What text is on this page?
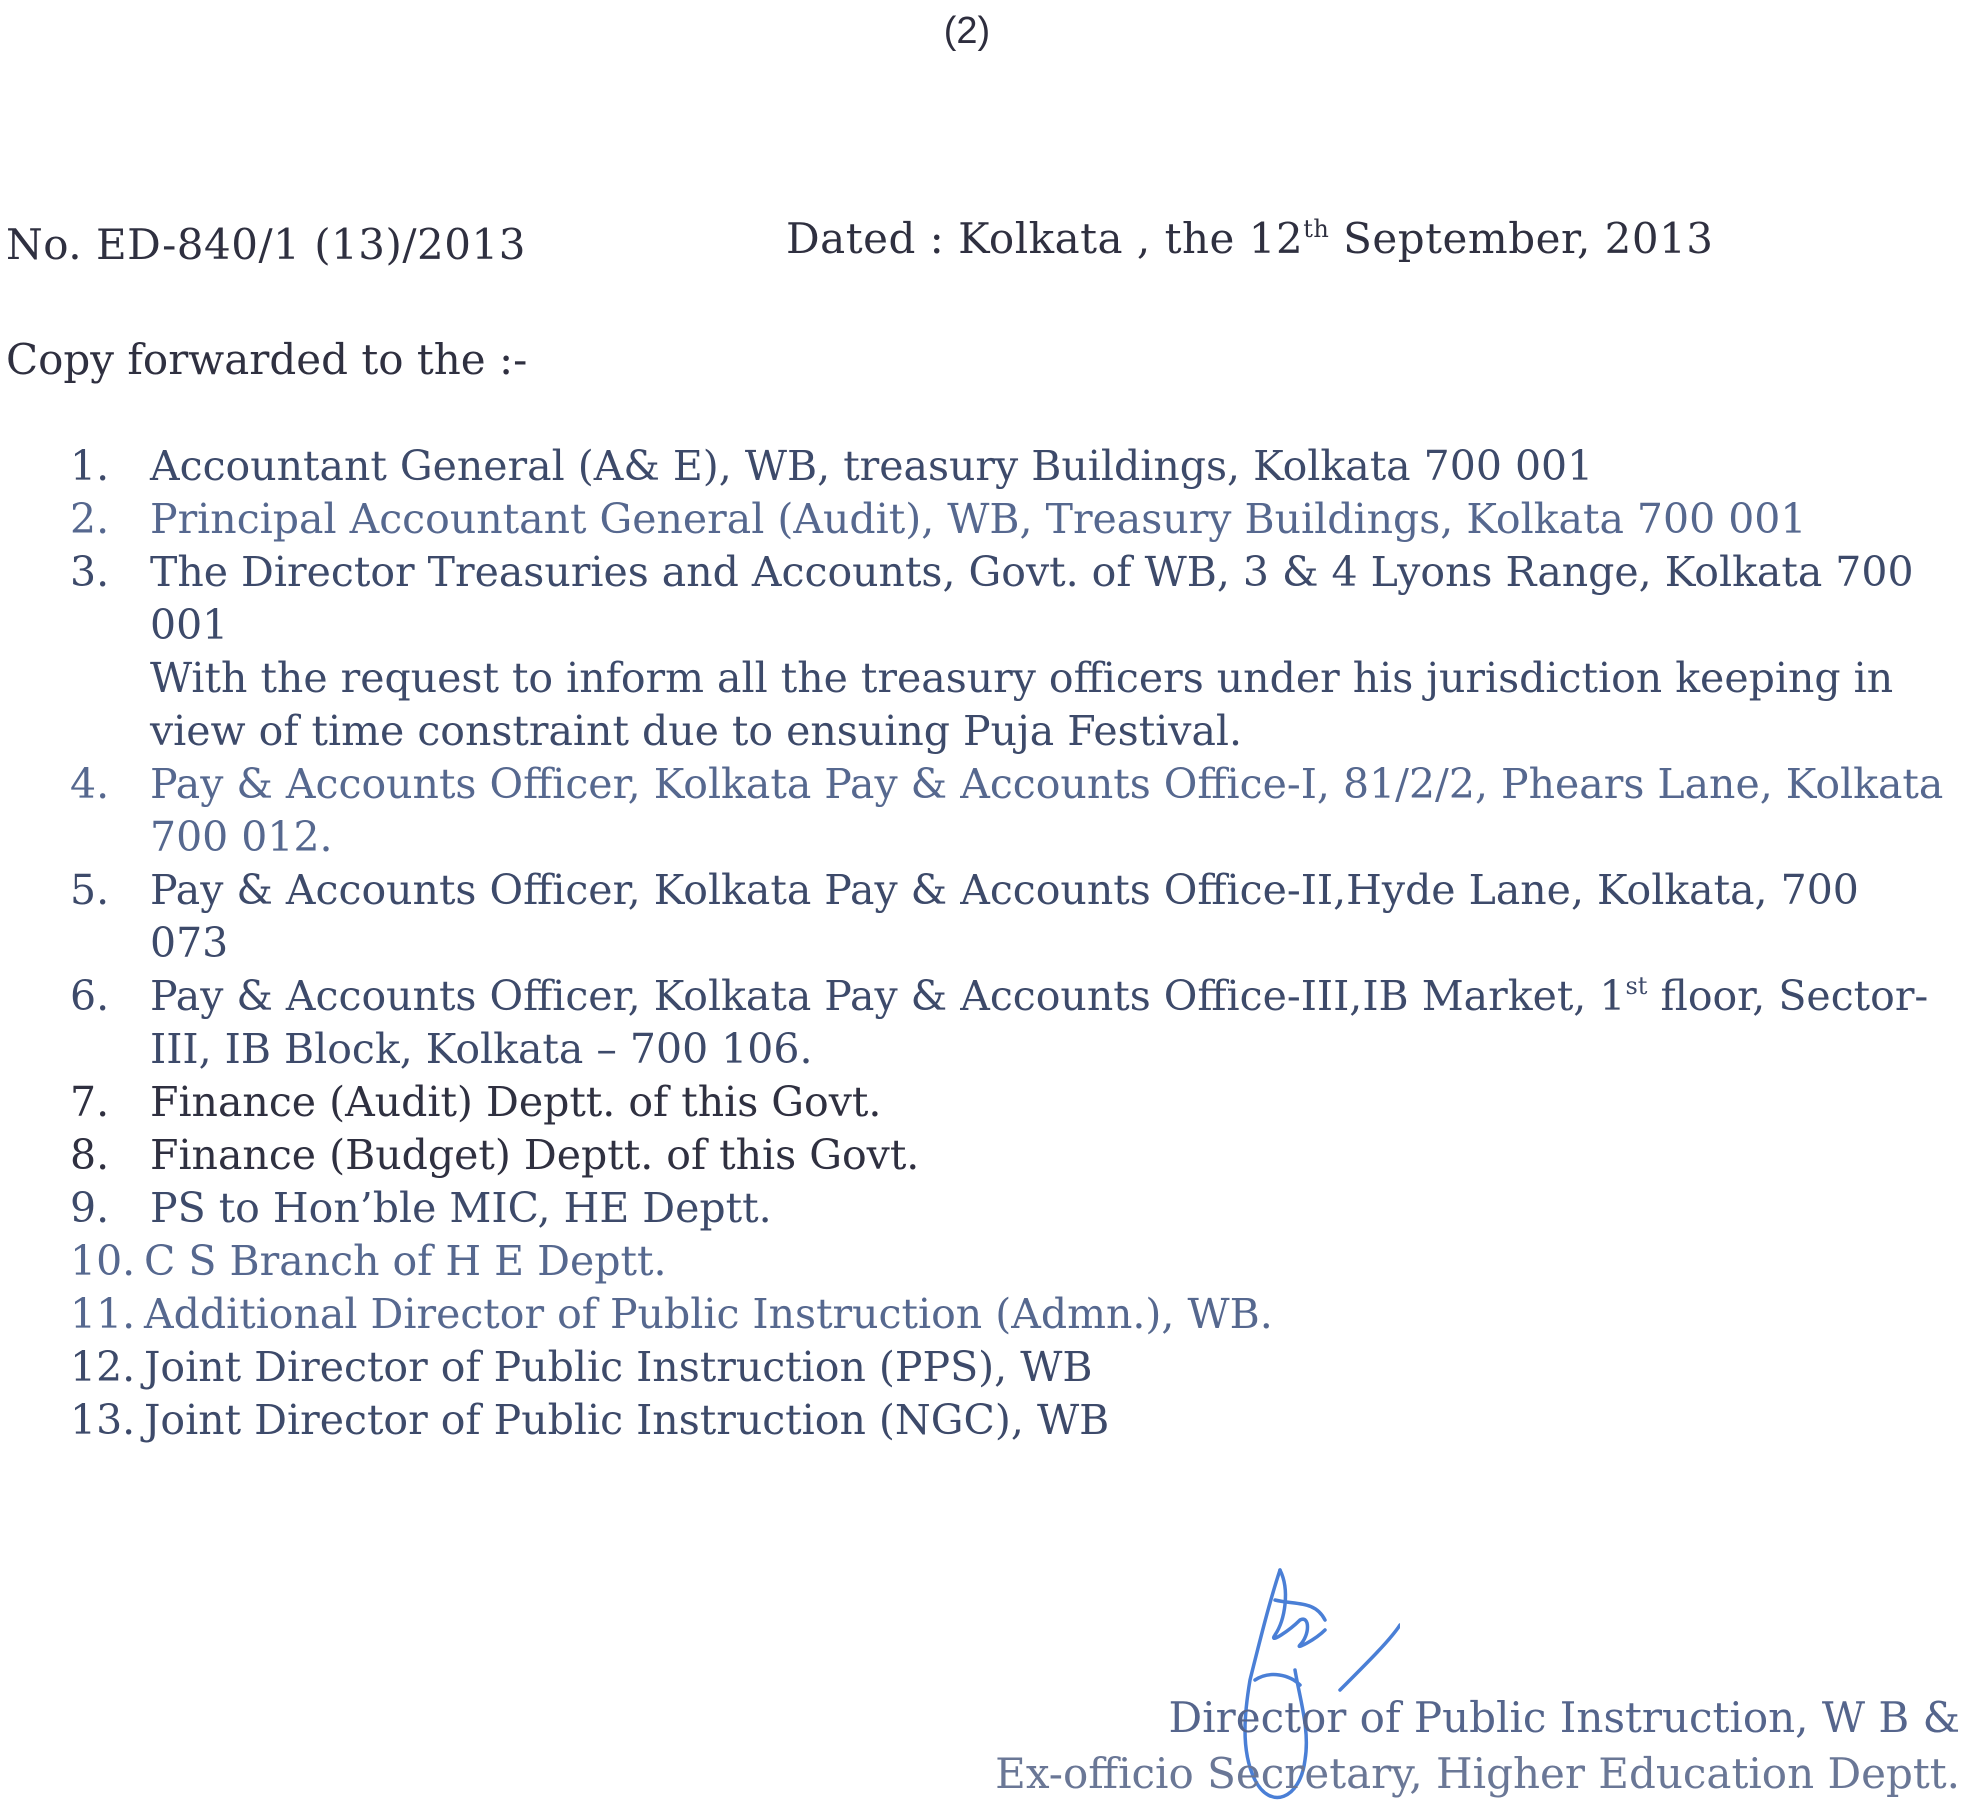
(2)
No. ED-840/1 (13)/2013	Dated : Kolkata , the 12th September, 2013
Copy forwarded to the :-
1. Accountant General (A& E), WB, treasury Buildings, Kolkata 700 001
2. Principal Accountant General (Audit), WB, Treasury Buildings, Kolkata 700 001
3. The Director Treasuries and Accounts, Govt. of WB, 3 & 4 Lyons Range, Kolkata 700 001
With the request to inform all the treasury officers under his jurisdiction keeping in view of time constraint due to ensuing Puja Festival.
4. Pay & Accounts Officer, Kolkata Pay & Accounts Office-I, 81/2/2, Phears Lane, Kolkata 700 012.
5. Pay & Accounts Officer, Kolkata Pay & Accounts Office-II,Hyde Lane, Kolkata, 700 073
6. Pay & Accounts Officer, Kolkata Pay & Accounts Office-III,IB Market, 1st floor, Sector-III, IB Block, Kolkata – 700 106.
7. Finance (Audit) Deptt. of this Govt.
8. Finance (Budget) Deptt. of this Govt.
9. PS to Hon’ble MIC, HE Deptt.
10. C S Branch of H E Deptt.
11. Additional Director of Public Instruction (Admn.), WB.
12. Joint Director of Public Instruction (PPS), WB
13. Joint Director of Public Instruction (NGC), WB
Director of Public Instruction, W B &
Ex-officio Secretary, Higher Education Deptt.
